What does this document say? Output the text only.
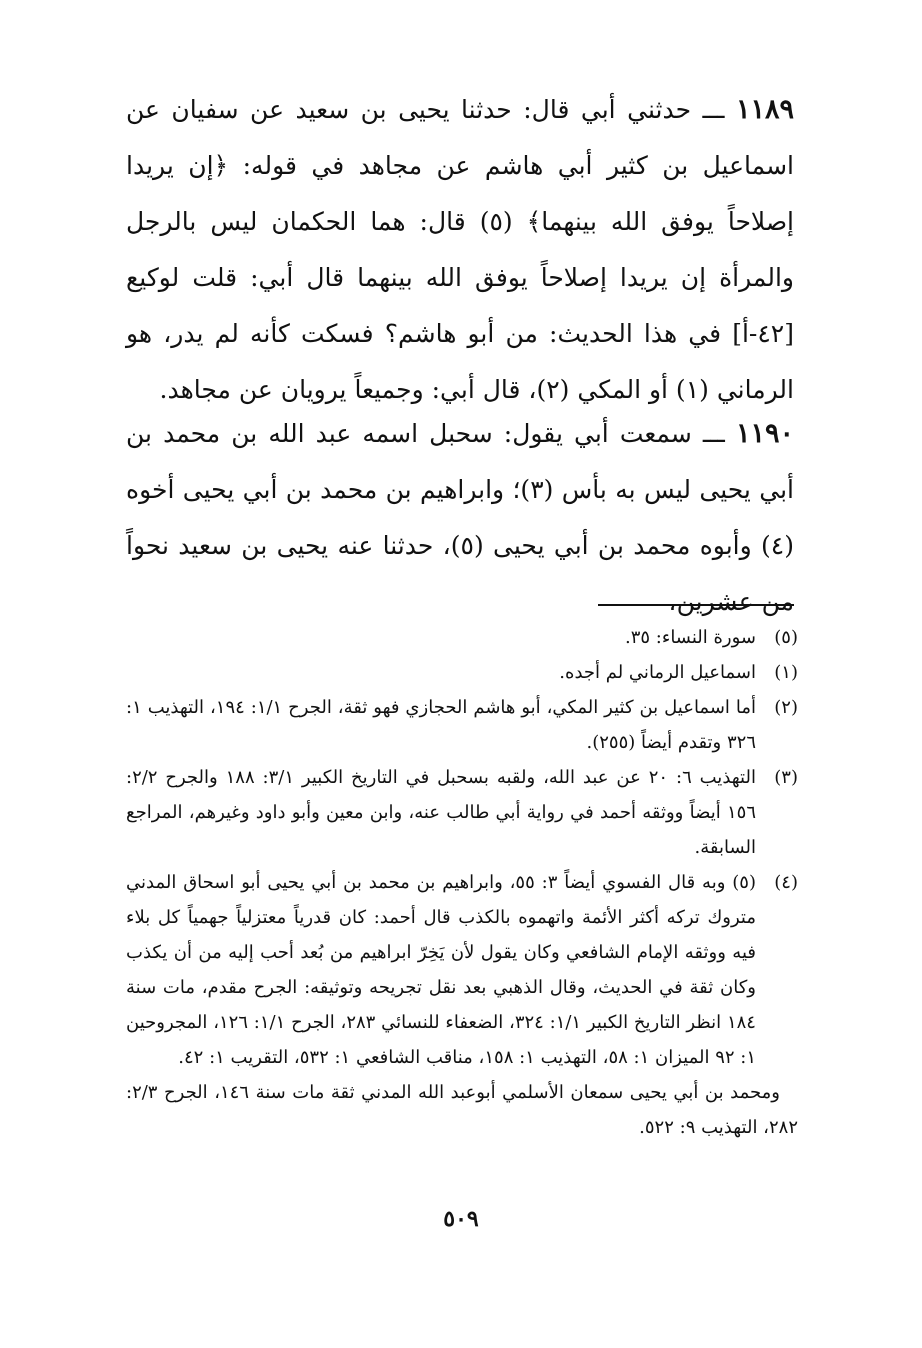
١١٨٩ ـــ حدثني أبي قال: حدثنا يحيى بن سعيد عن سفيان عن اسماعيل بن كثير أبي هاشم عن مجاهد في قوله: ﴿إن يريدا إصلاحاً يوفق الله بينهما﴾ (٥) قال: هما الحكمان ليس بالرجل والمرأة إن يريدا إصلاحاً يوفق الله بينهما قال أبي: قلت لوكيع [٤٢-أ] في هذا الحديث: من أبو هاشم؟ فسكت كأنه لم يدر، هو الرماني (١) أو المكي (٢)، قال أبي: وجميعاً يرويان عن مجاهد.

١١٩٠ ـــ سمعت أبي يقول: سحبل اسمه عبد الله بن محمد بن أبي يحيى ليس به بأس (٣)؛ وابراهيم بن محمد بن أبي يحيى أخوه (٤) وأبوه محمد بن أبي يحيى (٥)، حدثنا عنه يحيى بن سعيد نحواً من عشرين،

(٥)
سورة النساء: ٣٥.
(١)
اسماعيل الرماني لم أجده.
(٢)
أما اسماعيل بن كثير المكي، أبو هاشم الحجازي فهو ثقة، الجرح ١/١: ١٩٤، التهذيب ١: ٣٢٦ وتقدم أيضاً (٢٥٥).
(٣)
التهذيب ٦: ٢٠ عن عبد الله، ولقبه بسحبل في التاريخ الكبير ٣/١: ١٨٨ والجرح ٢/٢: ١٥٦ أيضاً ووثقه أحمد في رواية أبي طالب عنه، وابن معين وأبو داود وغيرهم، المراجع السابقة.
(٤)
(٥) وبه قال الفسوي أيضاً ٣: ٥٥، وابراهيم بن محمد بن أبي يحيى أبو اسحاق المدني متروك تركه أكثر الأئمة واتهموه بالكذب قال أحمد: كان قدرياً معتزلياً جهمياً كل بلاء فيه ووثقه الإمام الشافعي وكان يقول لأن يَخِرّ ابراهيم من بُعد أحب إليه من أن يكذب وكان ثقة في الحديث، وقال الذهبي بعد نقل تجريحه وتوثيقه: الجرح مقدم، مات سنة ١٨٤ انظر التاريخ الكبير ١/١: ٣٢٤، الضعفاء للنسائي ٢٨٣، الجرح ١/١: ١٢٦، المجروحين ١: ٩٢ الميزان ١: ٥٨، التهذيب ١: ١٥٨، مناقب الشافعي ١: ٥٣٢، التقريب ١: ٤٢.
ومحمد بن أبي يحيى سمعان الأسلمي أبوعبد الله المدني ثقة مات سنة ١٤٦، الجرح ٢/٣: ٢٨٢، التهذيب ٩: ٥٢٢.
٥٠٩
